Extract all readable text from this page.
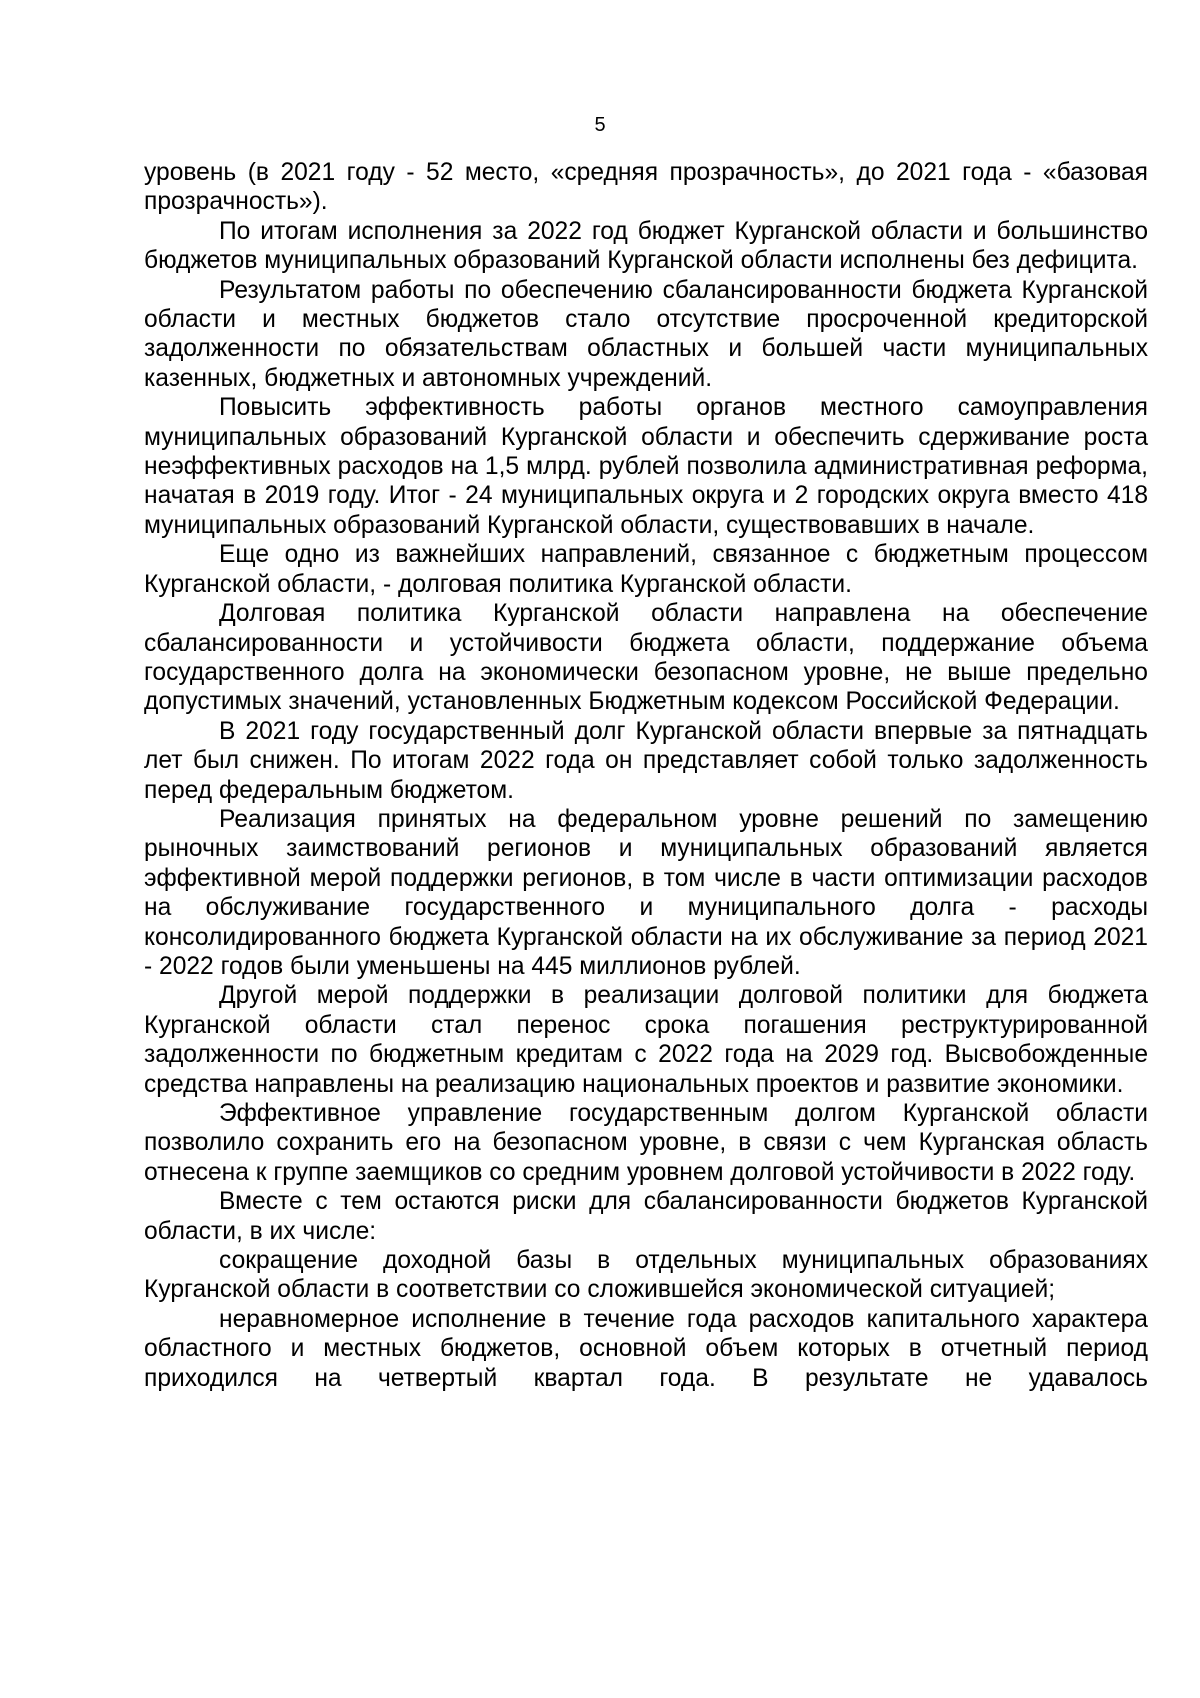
5

уровень (в 2021 году - 52 место, «средняя прозрачность», до 2021 года - «базовая прозрачность»).

По итогам исполнения за 2022 год бюджет Курганской области и большинство бюджетов муниципальных образований Курганской области исполнены без дефицита.

Результатом работы по обеспечению сбалансированности бюджета Курганской области и местных бюджетов стало отсутствие просроченной кредиторской задолженности по обязательствам областных и большей части муниципальных казенных, бюджетных и автономных учреждений.

Повысить эффективность работы органов местного самоуправления муниципальных образований Курганской области и обеспечить сдерживание роста неэффективных расходов на 1,5 млрд. рублей позволила административная реформа, начатая в 2019 году. Итог - 24 муниципальных округа и 2 городских округа вместо 418 муниципальных образований Курганской области, существовавших в начале.

Еще одно из важнейших направлений, связанное с бюджетным процессом Курганской области, - долговая политика Курганской области.

Долговая политика Курганской области направлена на обеспечение сбалансированности и устойчивости бюджета области, поддержание объема государственного долга на экономически безопасном уровне, не выше предельно допустимых значений, установленных Бюджетным кодексом Российской Федерации.

В 2021 году государственный долг Курганской области впервые за пятнадцать лет был снижен. По итогам 2022 года он представляет собой только задолженность перед федеральным бюджетом.

Реализация принятых на федеральном уровне решений по замещению рыночных заимствований регионов и муниципальных образований является эффективной мерой поддержки регионов, в том числе в части оптимизации расходов на обслуживание государственного и муниципального долга - расходы консолидированного бюджета Курганской области на их обслуживание за период 2021 - 2022 годов были уменьшены на 445 миллионов рублей.

Другой мерой поддержки в реализации долговой политики для бюджета Курганской области стал перенос срока погашения реструктурированной задолженности по бюджетным кредитам с 2022 года на 2029 год. Высвобожденные средства направлены на реализацию национальных проектов и развитие экономики.

Эффективное управление государственным долгом Курганской области позволило сохранить его на безопасном уровне, в связи с чем Курганская область отнесена к группе заемщиков со средним уровнем долговой устойчивости в 2022 году.

Вместе с тем остаются риски для сбалансированности бюджетов Курганской области, в их числе:

сокращение доходной базы в отдельных муниципальных образованиях Курганской области в соответствии со сложившейся экономической ситуацией;

неравномерное исполнение в течение года расходов капитального характера областного и местных бюджетов, основной объем которых в отчетный период приходился на четвертый квартал года. В результате не удавалось
